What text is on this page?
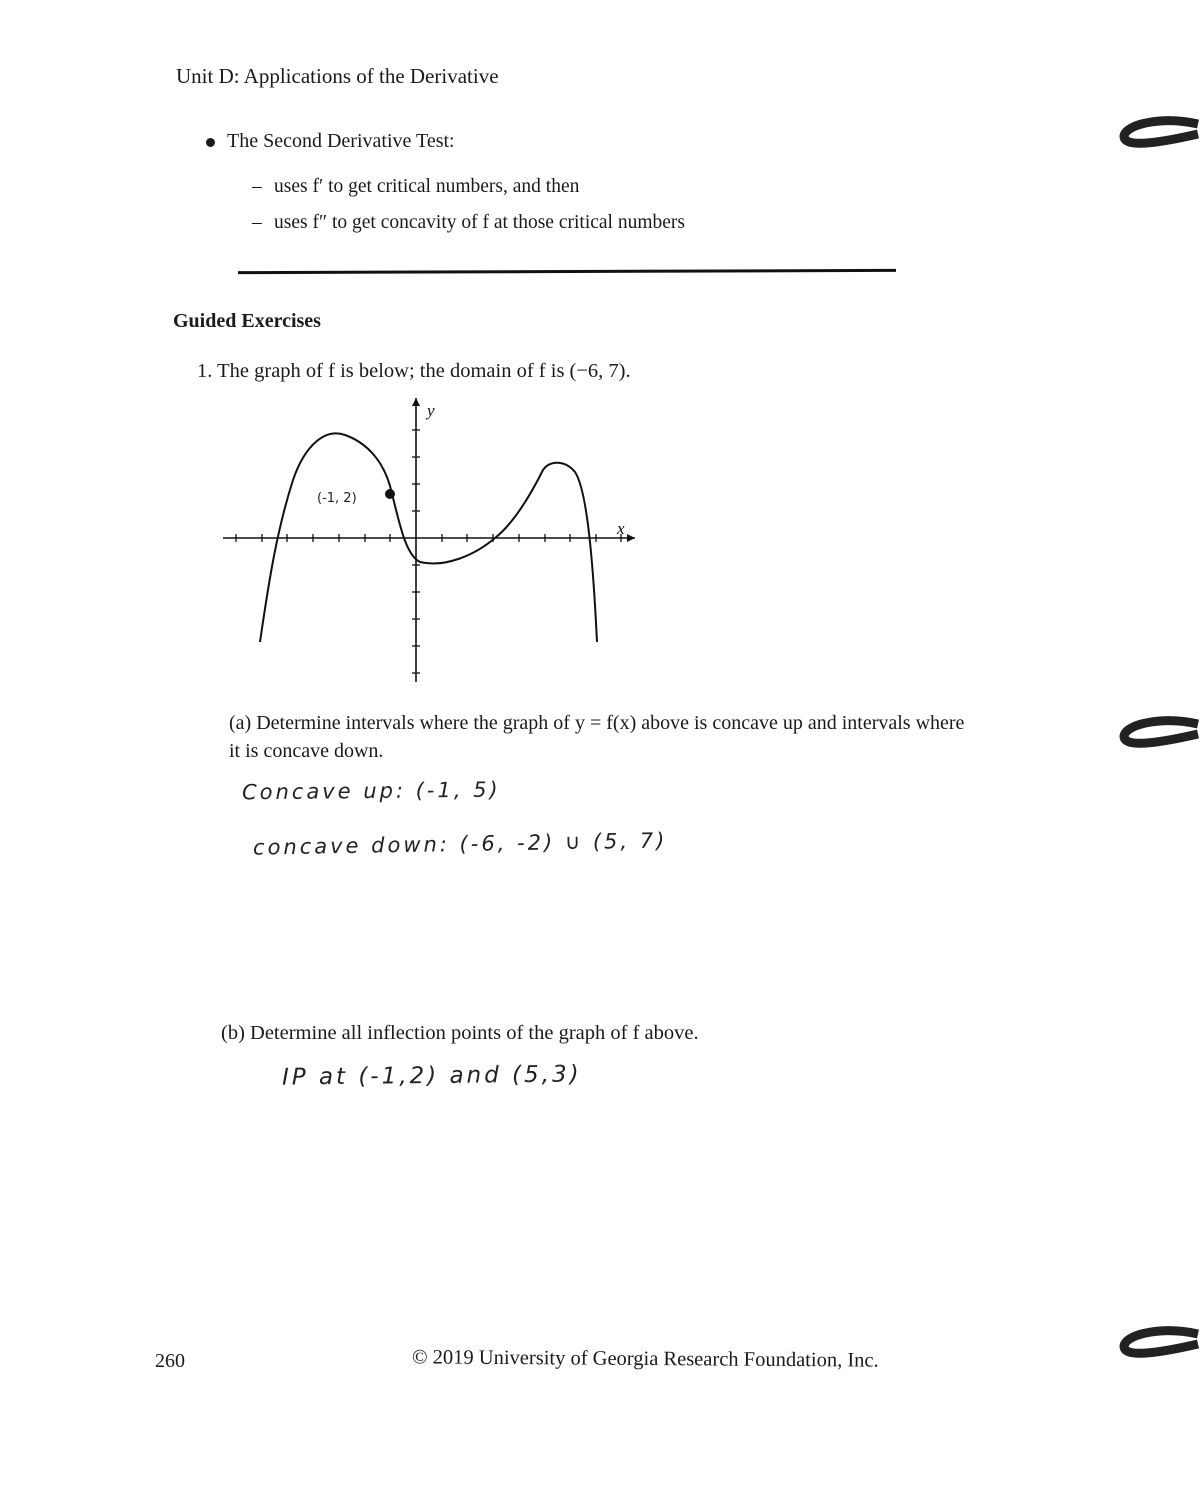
Unit D: Applications of the Derivative
The Second Derivative Test:
– uses f′ to get critical numbers, and then
– uses f″ to get concavity of f at those critical numbers
Guided Exercises
1. The graph of f is below; the domain of f is (−6, 7).
(-1, 2)
x
y
(a) Determine intervals where the graph of y = f(x) above is concave up and intervals where it is concave down.
Concave up: (-1, 5)
concave down: (-6, -2) ∪ (5, 7)
(b) Determine all inflection points of the graph of f above.
IP at (-1,2) and (5,3)
260	© 2019 University of Georgia Research Foundation, Inc.
